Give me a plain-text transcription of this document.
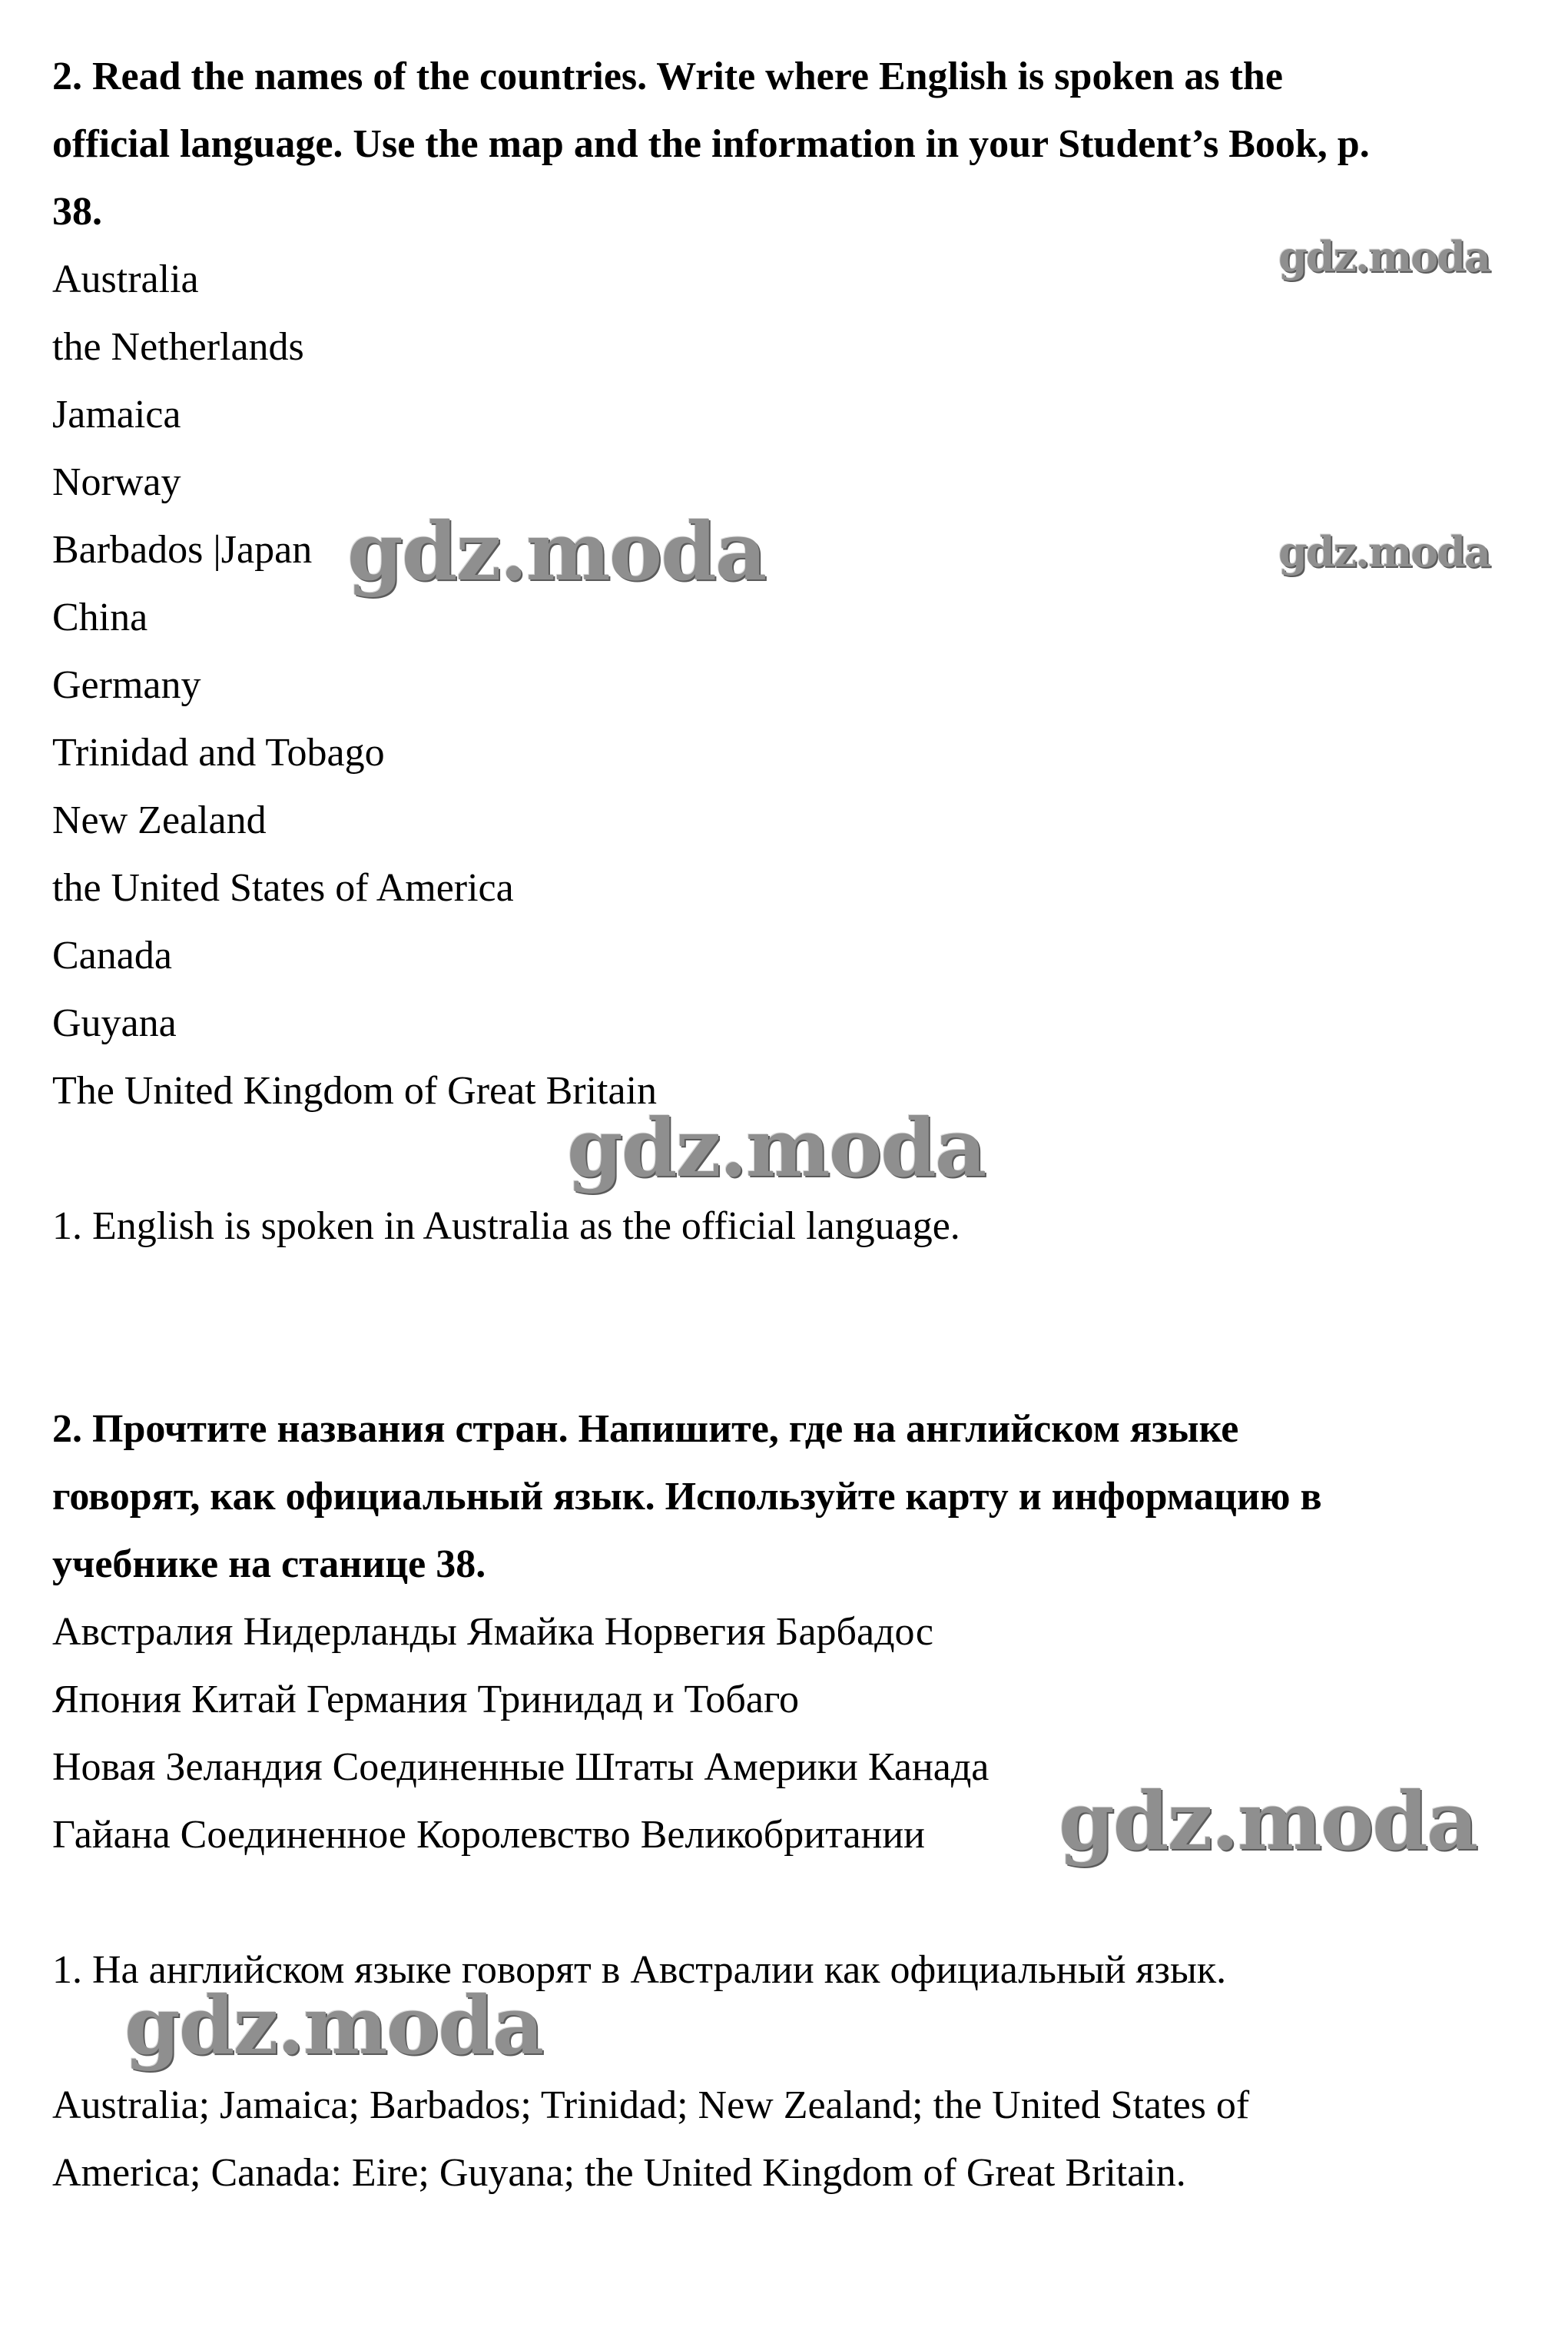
2. Read the names of the countries. Write where English is spoken as the

official language. Use the map and the information in your Student’s Book, p.

38.

Australia

the Netherlands

Jamaica

Norway

Barbados |Japan

China

Germany

Trinidad and Tobago

New Zealand

the United States of America

Canada

Guyana

The United Kingdom of Great Britain

1. English is spoken in Australia as the official language.

2. Прочтите названия стран. Напишите, где на английском языке

говорят, как официальный язык. Используйте карту и информацию в

учебнике на станице 38.

Австралия Нидерланды Ямайка Норвегия Барбадос

Япония Китай Германия Тринидад и Тобаго

Новая Зеландия Соединенные Штаты Америки Канада

Гайана Соединенное Королевство Великобритании

1. На английском языке говорят в Австралии как официальный язык.

Australia; Jamaica; Barbados; Trinidad; New Zealand; the United States of

America; Canada: Eire; Guyana; the United Kingdom of Great Britain.

gdz.moda
gdz.moda
gdz.moda
gdz.moda
gdz.moda
gdz.moda
